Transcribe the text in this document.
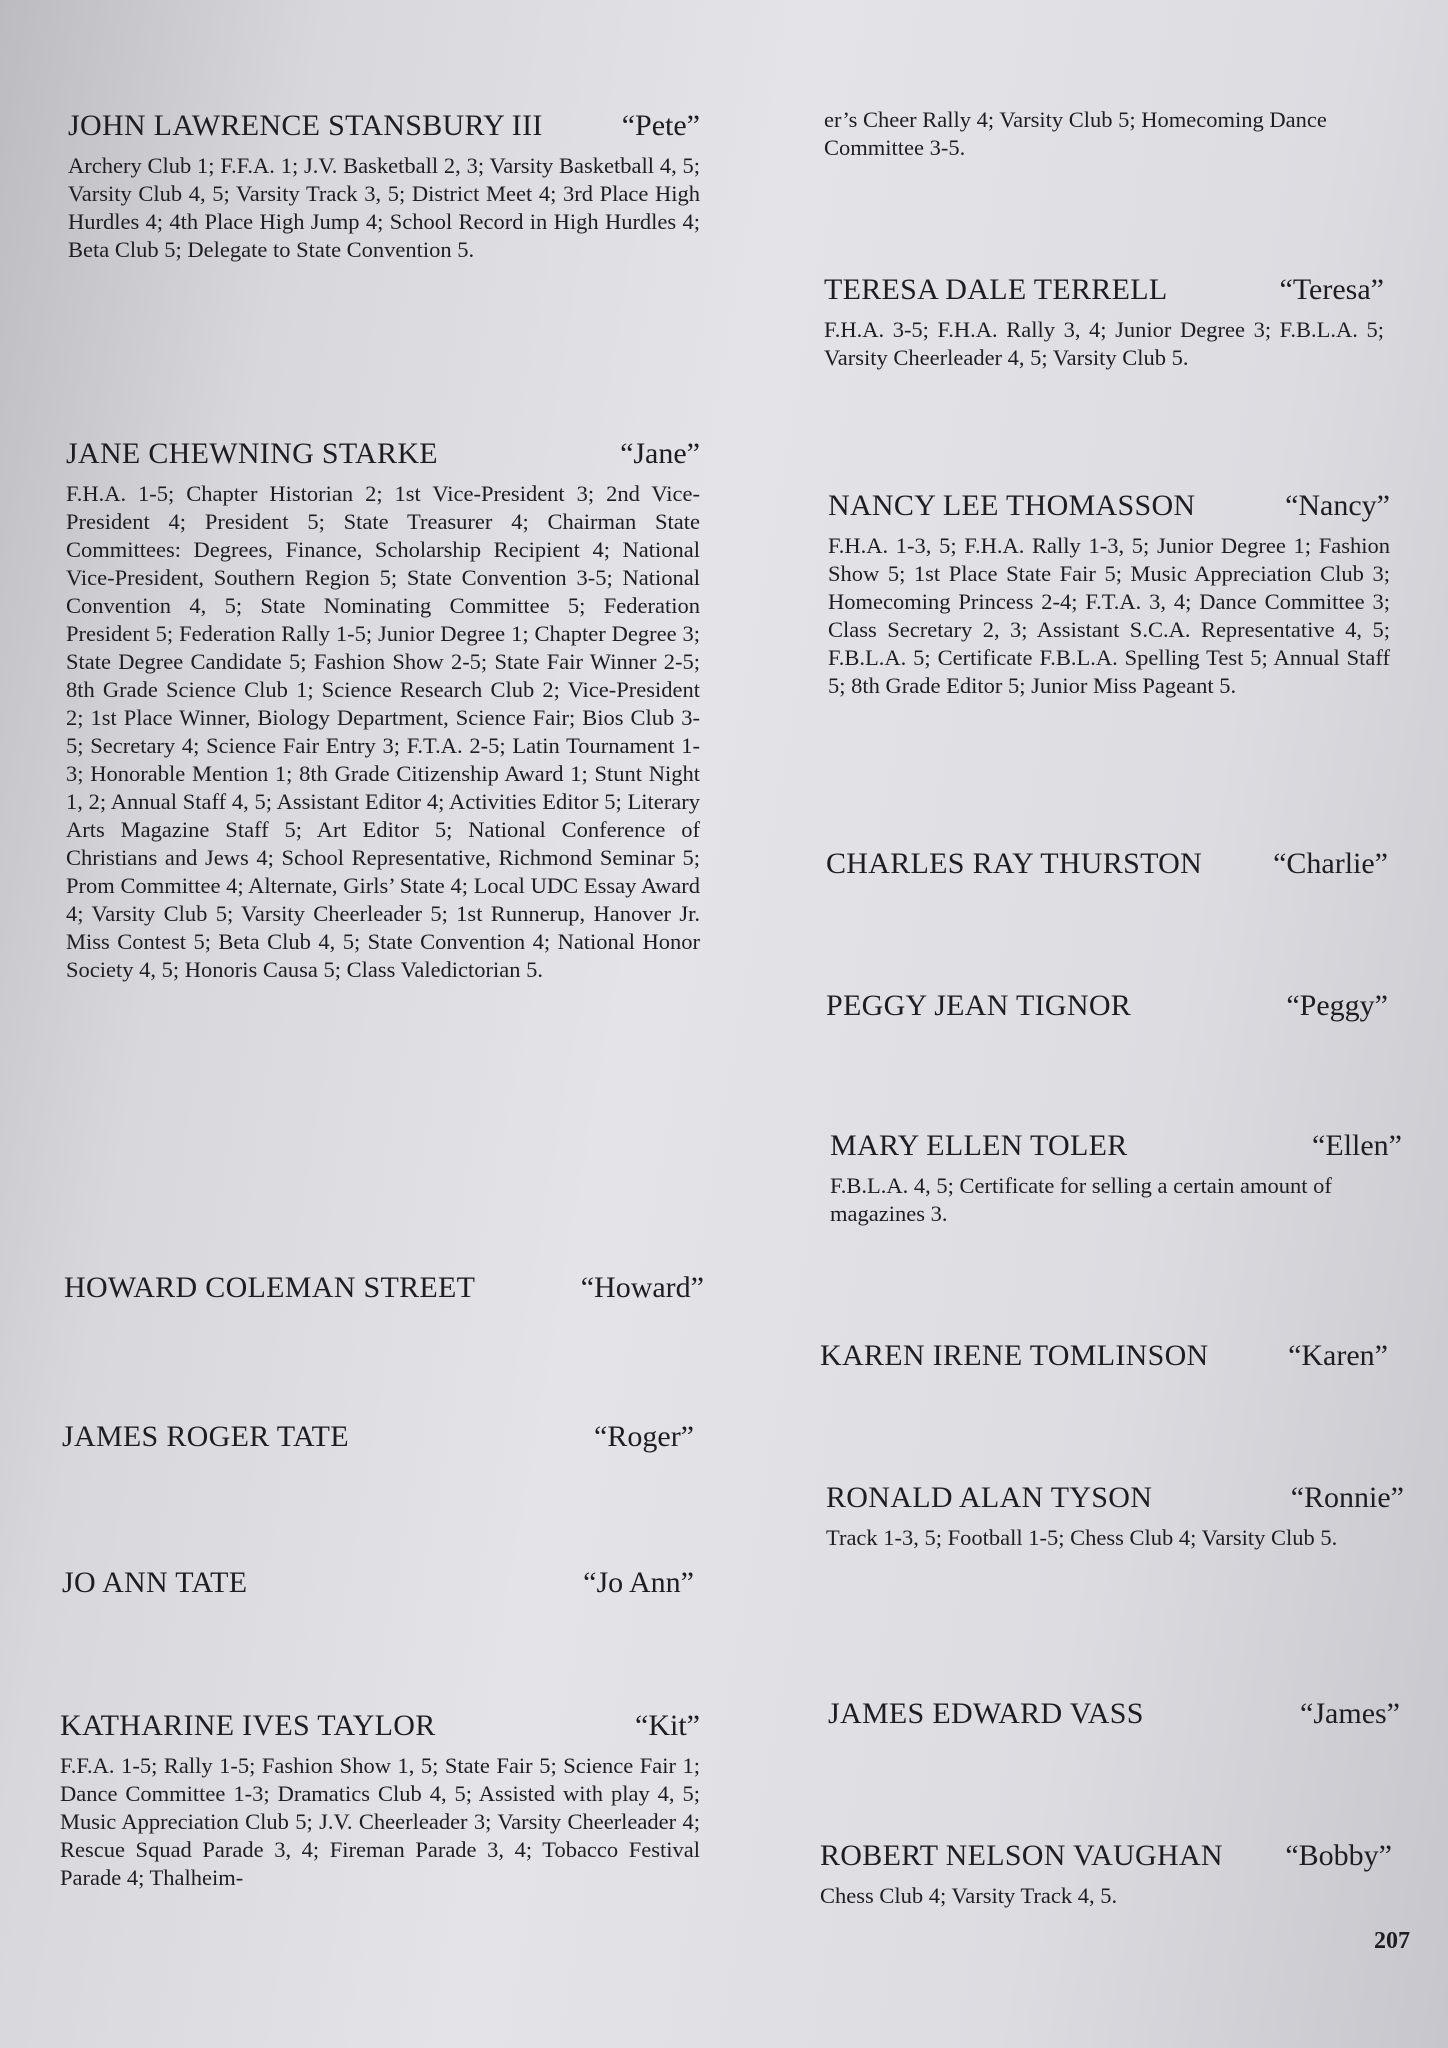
JOHN LAWRENCE STANSBURY III	“Pete”
Archery Club 1; F.F.A. 1; J.V. Basketball 2, 3; Varsity Basketball 4, 5; Varsity Club 4, 5; Varsity Track 3, 5; District Meet 4; 3rd Place High Hurdles 4; 4th Place High Jump 4; School Record in High Hurdles 4; Beta Club 5; Delegate to State Convention 5.
JANE CHEWNING STARKE	“Jane”
F.H.A. 1-5; Chapter Historian 2; 1st Vice-President 3; 2nd Vice-President 4; President 5; State Treasurer 4; Chairman State Committees: Degrees, Finance, Scholarship Recipient 4; National Vice-President, Southern Region 5; State Convention 3-5; National Convention 4, 5; State Nominating Committee 5; Federation President 5; Federation Rally 1-5; Junior Degree 1; Chapter Degree 3; State Degree Candidate 5; Fashion Show 2-5; State Fair Winner 2-5; 8th Grade Science Club 1; Science Research Club 2; Vice-President 2; 1st Place Winner, Biology Department, Science Fair; Bios Club 3-5; Secretary 4; Science Fair Entry 3; F.T.A. 2-5; Latin Tournament 1-3; Honorable Mention 1; 8th Grade Citizenship Award 1; Stunt Night 1, 2; Annual Staff 4, 5; Assistant Editor 4; Activities Editor 5; Literary Arts Magazine Staff 5; Art Editor 5; National Conference of Christians and Jews 4; School Representative, Richmond Seminar 5; Prom Committee 4; Alternate, Girls’ State 4; Local UDC Essay Award 4; Varsity Club 5; Varsity Cheerleader 5; 1st Runnerup, Hanover Jr. Miss Contest 5; Beta Club 4, 5; State Convention 4; National Honor Society 4, 5; Honoris Causa 5; Class Valedictorian 5.
HOWARD COLEMAN STREET	“Howard”
JAMES ROGER TATE	“Roger”
JO ANN TATE	“Jo Ann”
KATHARINE IVES TAYLOR	“Kit”
F.F.A. 1-5; Rally 1-5; Fashion Show 1, 5; State Fair 5; Science Fair 1; Dance Committee 1-3; Dramatics Club 4, 5; Assisted with play 4, 5; Music Appreciation Club 5; J.V. Cheerleader 3; Varsity Cheerleader 4; Rescue Squad Parade 3, 4; Fireman Parade 3, 4; Tobacco Festival Parade 4; Thalheim-
er’s Cheer Rally 4; Varsity Club 5; Homecoming Dance Committee 3-5.
TERESA DALE TERRELL	“Teresa”
F.H.A. 3-5; F.H.A. Rally 3, 4; Junior Degree 3; F.B.L.A. 5; Varsity Cheerleader 4, 5; Varsity Club 5.
NANCY LEE THOMASSON	“Nancy”
F.H.A. 1-3, 5; F.H.A. Rally 1-3, 5; Junior Degree 1; Fashion Show 5; 1st Place State Fair 5; Music Appreciation Club 3; Homecoming Princess 2-4; F.T.A. 3, 4; Dance Committee 3; Class Secretary 2, 3; Assistant S.C.A. Representative 4, 5; F.B.L.A. 5; Certificate F.B.L.A. Spelling Test 5; Annual Staff 5; 8th Grade Editor 5; Junior Miss Pageant 5.
CHARLES RAY THURSTON “Charlie”
PEGGY JEAN TIGNOR	“Peggy”
MARY ELLEN TOLER	“Ellen”
F.B.L.A. 4, 5; Certificate for selling a certain amount of magazines 3.
KAREN IRENE TOMLINSON	“Karen”
RONALD ALAN TYSON	“Ronnie”
Track 1-3, 5; Football 1-5; Chess Club 4; Varsity Club 5.
JAMES EDWARD VASS	“James”
ROBERT NELSON VAUGHAN “Bobby”
Chess Club 4; Varsity Track 4, 5.
207
